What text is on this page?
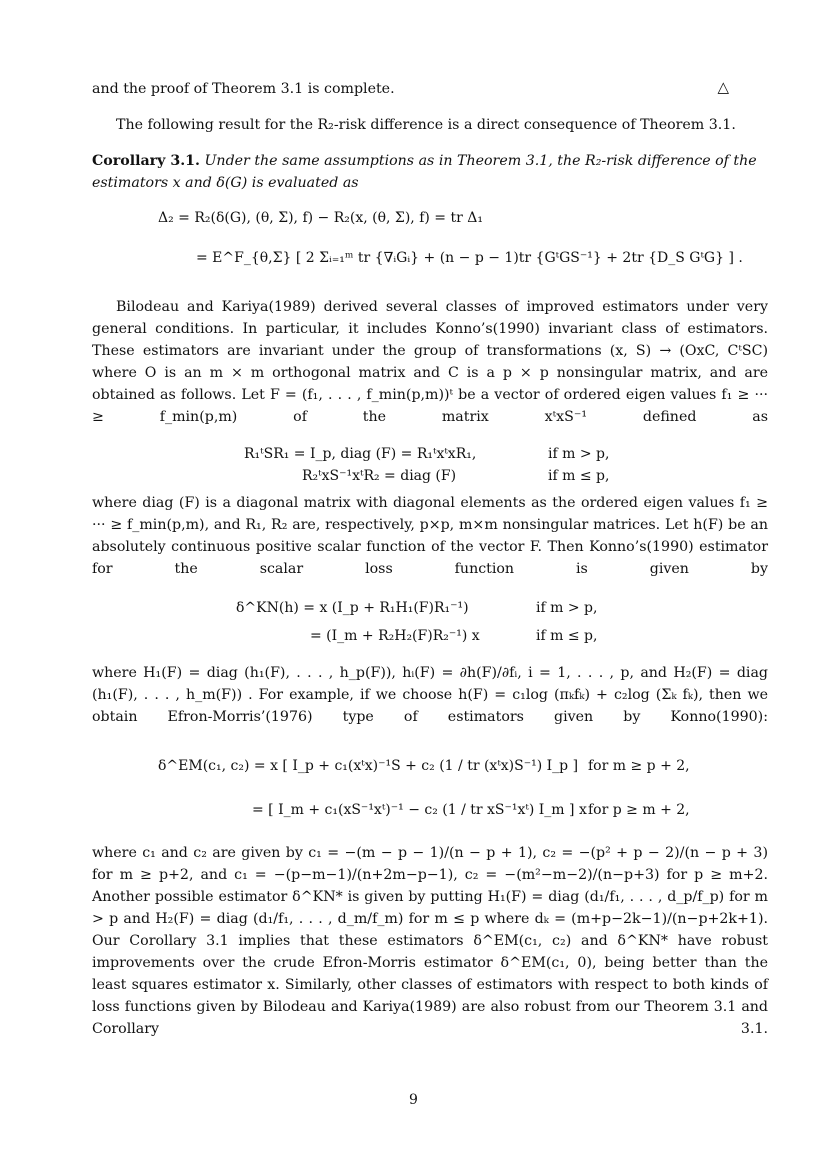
and the proof of Theorem 3.1 is complete.	△
The following result for the R₂-risk difference is a direct consequence of Theorem 3.1.
Corollary 3.1. Under the same assumptions as in Theorem 3.1, the R₂-risk difference of the estimators x and δ(G) is evaluated as
Δ₂ = R₂(δ(G), (θ, Σ), f) − R₂(x, (θ, Σ), f) = tr Δ₁
= E^F_{θ,Σ} [ 2 Σᵢ₌₁ᵐ tr {∇ᵢGᵢ} + (n − p − 1)tr {GᵗGS⁻¹} + 2tr {D_S GᵗG} ] .
Bilodeau and Kariya(1989) derived several classes of improved estimators under very general conditions. In particular, it includes Konno’s(1990) invariant class of estimators. These estimators are invariant under the group of transformations (x, S) → (OxC, CᵗSC) where O is an m × m orthogonal matrix and C is a p × p nonsingular matrix, and are obtained as follows. Let F = (f₁, . . . , f_min(p,m))ᵗ be a vector of ordered eigen values f₁ ≥ ··· ≥ f_min(p,m) of the matrix xᵗxS⁻¹ defined as
R₁ᵗSR₁ = I_p, diag (F) = R₁ᵗxᵗxR₁,	if m > p,
R₂ᵗxS⁻¹xᵗR₂ = diag (F)	if m ≤ p,
where diag (F) is a diagonal matrix with diagonal elements as the ordered eigen values f₁ ≥ ··· ≥ f_min(p,m), and R₁, R₂ are, respectively, p×p, m×m nonsingular matrices. Let h(F) be an absolutely continuous positive scalar function of the vector F. Then Konno’s(1990) estimator for the scalar loss function is given by
δ^KN(h) = x (I_p + R₁H₁(F)R₁⁻¹)	if m > p,
= (I_m + R₂H₂(F)R₂⁻¹) x	if m ≤ p,
where H₁(F) = diag (h₁(F), . . . , h_p(F)), hᵢ(F) = ∂h(F)/∂fᵢ, i = 1, . . . , p, and H₂(F) = diag (h₁(F), . . . , h_m(F)) . For example, if we choose h(F) = c₁log (πₖfₖ) + c₂log (Σₖ fₖ), then we obtain Efron-Morris’(1976) type of estimators given by Konno(1990):
δ^EM(c₁, c₂) = x [ I_p + c₁(xᵗx)⁻¹S + c₂ (1 / tr (xᵗx)S⁻¹) I_p ] for m ≥ p + 2,
= [ I_m + c₁(xS⁻¹xᵗ)⁻¹ − c₂ (1 / tr xS⁻¹xᵗ) I_m ] x for p ≥ m + 2,
where c₁ and c₂ are given by c₁ = −(m − p − 1)/(n − p + 1), c₂ = −(p² + p − 2)/(n − p + 3) for m ≥ p+2, and c₁ = −(p−m−1)/(n+2m−p−1), c₂ = −(m²−m−2)/(n−p+3) for p ≥ m+2. Another possible estimator δ^KN* is given by putting H₁(F) = diag (d₁/f₁, . . . , d_p/f_p) for m > p and H₂(F) = diag (d₁/f₁, . . . , d_m/f_m) for m ≤ p where dₖ = (m+p−2k−1)/(n−p+2k+1). Our Corollary 3.1 implies that these estimators δ^EM(c₁, c₂) and δ^KN* have robust improvements over the crude Efron-Morris estimator δ^EM(c₁, 0), being better than the least squares estimator x. Similarly, other classes of estimators with respect to both kinds of loss functions given by Bilodeau and Kariya(1989) are also robust from our Theorem 3.1 and Corollary 3.1.
9
